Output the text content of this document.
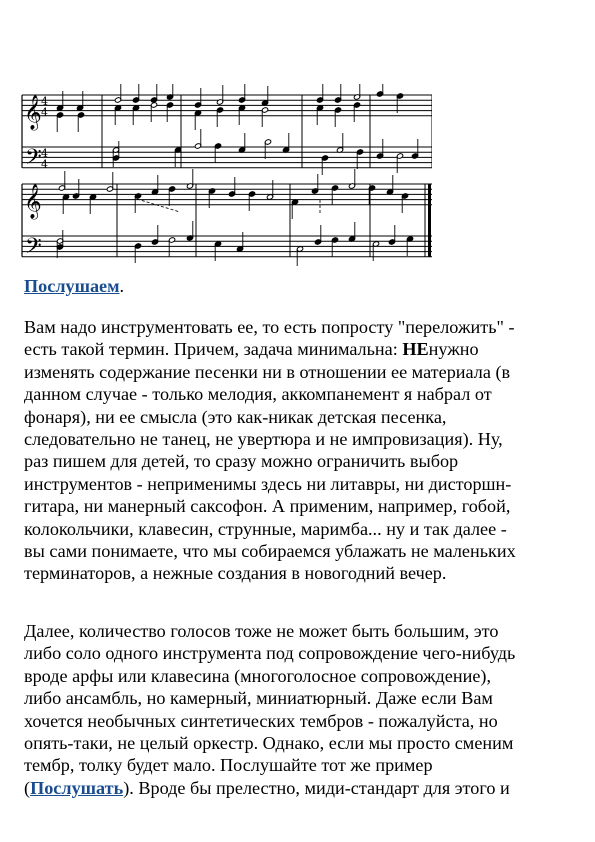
𝄞
𝄢
𝄞
𝄢
4
4
4
4

Послушаем.

Вам надо инструментовать ее, то есть попросту "переложить" -
есть такой термин. Причем, задача минимальна: НЕнужно
изменять содержание песенки ни в отношении ее материала (в
данном случае - только мелодия, аккомпанемент я набрал от
фонаря), ни ее смысла (это как-никак детская песенка,
следовательно не танец, не увертюра и не импровизация). Ну,
раз пишем для детей, то сразу можно ограничить выбор
инструментов - неприменимы здесь ни литавры, ни дисторшн-
гитара, ни манерный саксофон. А применим, например, гобой,
колокольчики, клавесин, струнные, маримба... ну и так далее -
вы сами понимаете, что мы собираемся ублажать не маленьких
терминаторов, а нежные создания в новогодний вечер.

Далее, количество голосов тоже не может быть большим, это
либо соло одного инструмента под сопровождение чего-нибудь
вроде арфы или клавесина (многоголосное сопровождение),
либо ансамбль, но камерный, миниатюрный. Даже если Вам
хочется необычных синтетических тембров - пожалуйста, но
опять-таки, не целый оркестр. Однако, если мы просто сменим
тембр, толку будет мало. Послушайте тот же пример
(Послушать). Вроде бы прелестно, миди-стандарт для этого и
